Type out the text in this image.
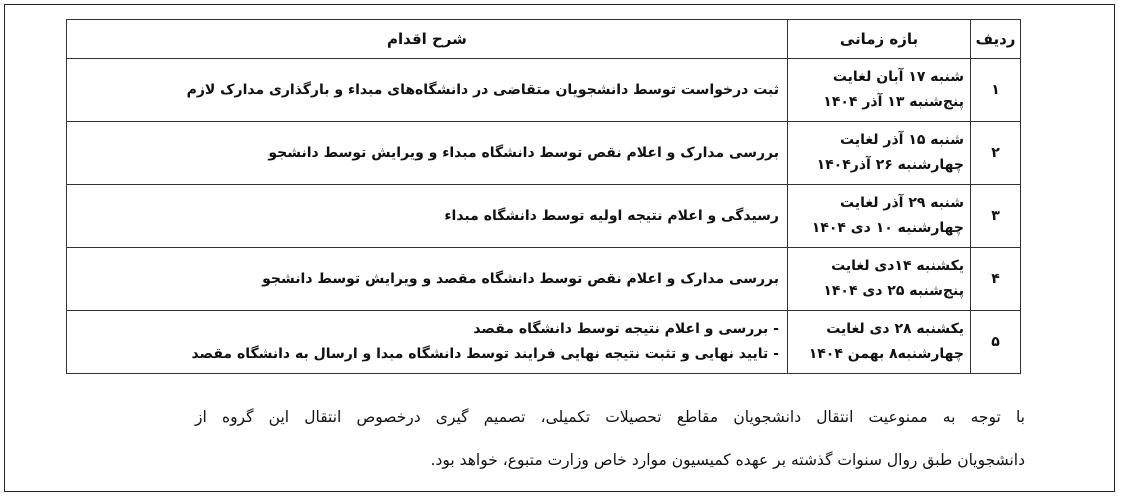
ردیف	بازه زمانی	شرح اقدام
۱	شنبه ۱۷ آبان لغایت
پنج‌شنبه ۱۳ آذر ۱۴۰۴	ثبت درخواست توسط دانشجویان متقاضی در دانشگاه‌های مبداء و بارگذاری مدارک لازم

۲	شنبه ۱۵ آذر لغایت
چهارشنبه ۲۶ آذر۱۴۰۴	بررسی مدارک و اعلام نقص توسط دانشگاه مبداء و ویرایش توسط دانشجو

۳	شنبه ۲۹ آذر لغایت
چهارشنبه ۱۰ دی ۱۴۰۴	رسیدگی و اعلام نتیجه اولیه توسط دانشگاه مبداء

۴	یکشنبه ۱۴دی لغایت
پنج‌شنبه ۲۵ دی ۱۴۰۴	بررسی مدارک و اعلام نقص توسط دانشگاه مقصد و ویرایش توسط دانشجو

۵	یکشنبه ۲۸ دی لغایت
چهارشنبه۸ بهمن ۱۴۰۴	- بررسی و اعلام نتیجه توسط دانشگاه مقصد
- تایید نهایی و تثبت نتیجه نهایی فرایند توسط دانشگاه مبدا و ارسال به دانشگاه مقصد
با توجه به ممنوعیت انتقال دانشجویان مقاطع تحصیلات تکمیلی، تصمیم گیری درخصوص انتقال این گروه از
دانشجویان طبق روال سنوات گذشته بر عهده کمیسیون موارد خاص وزارت متبوع، خواهد بود.
